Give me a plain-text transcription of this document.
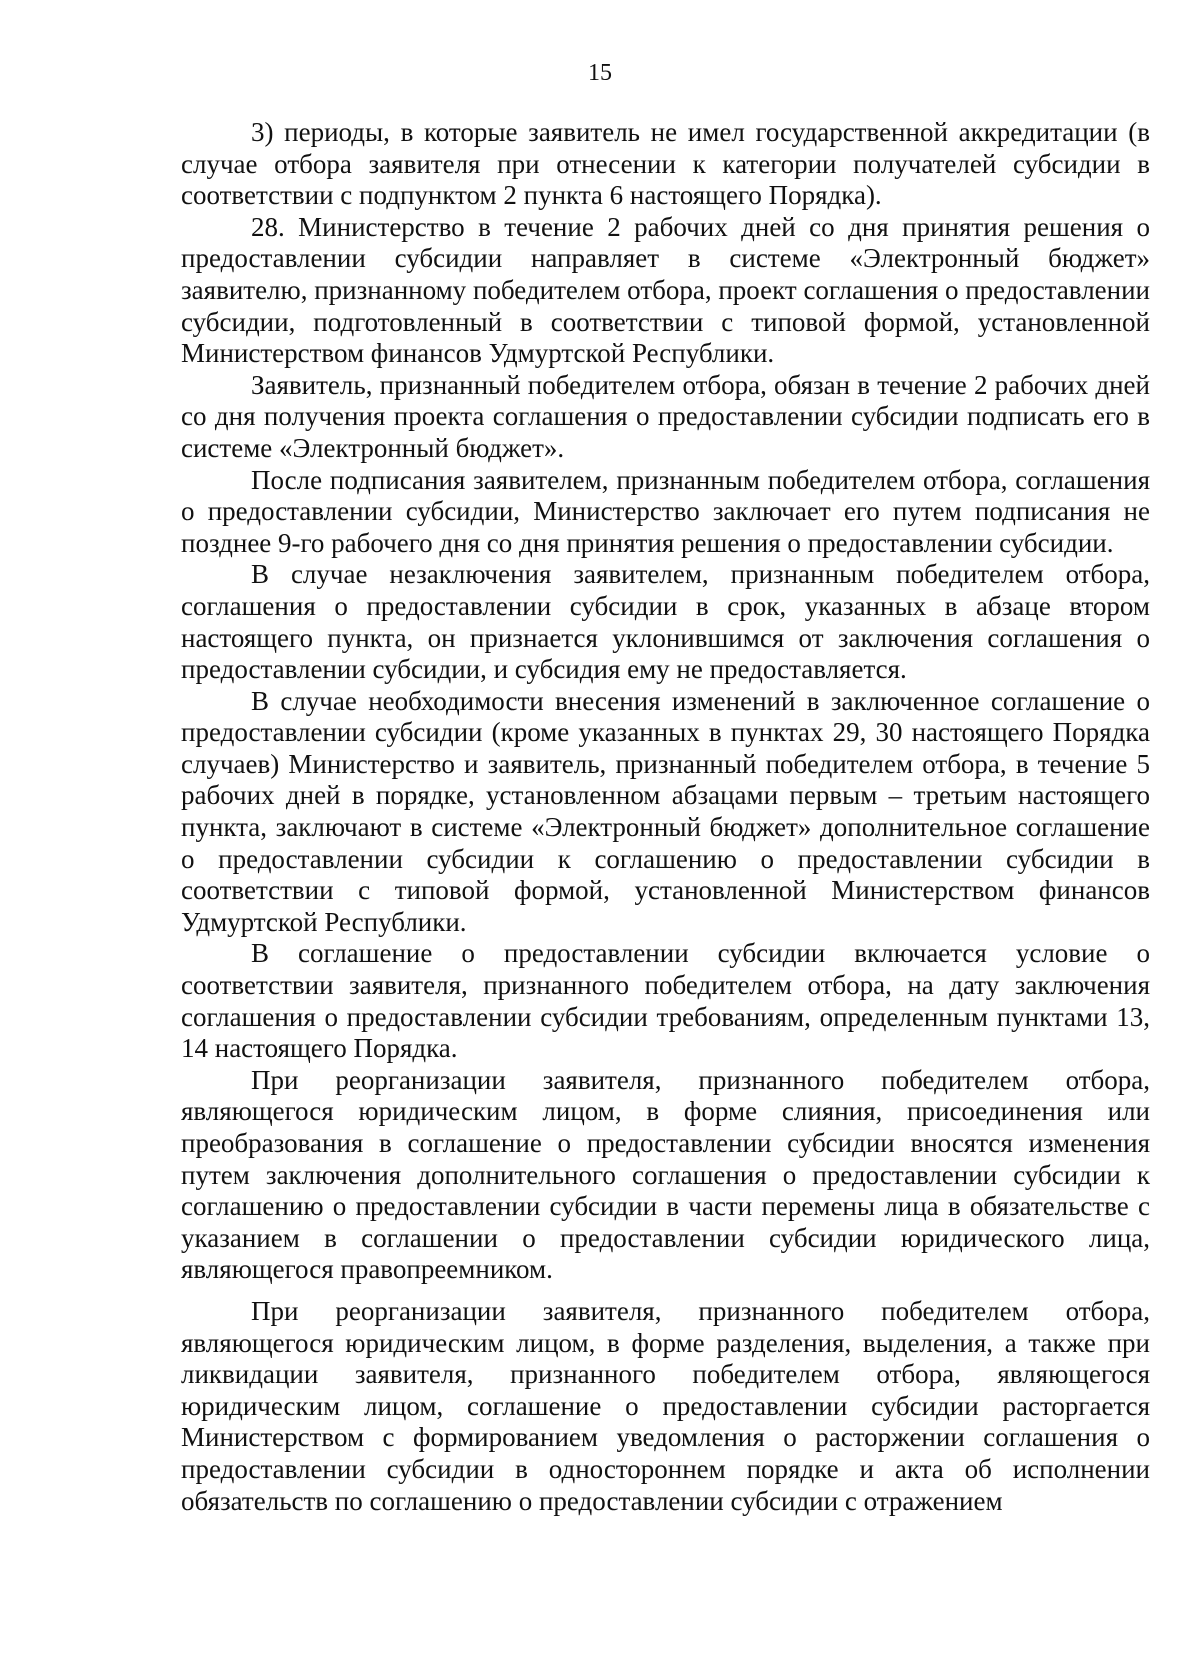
15

3) периоды, в которые заявитель не имел государственной аккредитации (в случае отбора заявителя при отнесении к категории получателей субсидии в соответствии с подпунктом 2 пункта 6 настоящего Порядка).

28. Министерство в течение 2 рабочих дней со дня принятия решения о предоставлении субсидии направляет в системе «Электронный бюджет» заявителю, признанному победителем отбора, проект соглашения о предоставлении субсидии, подготовленный в соответствии с типовой формой, установленной Министерством финансов Удмуртской Республики.

Заявитель, признанный победителем отбора, обязан в течение 2 рабочих дней со дня получения проекта соглашения о предоставлении субсидии подписать его в системе «Электронный бюджет».

После подписания заявителем, признанным победителем отбора, соглашения о предоставлении субсидии, Министерство заключает его путем подписания не позднее 9-го рабочего дня со дня принятия решения о предоставлении субсидии.

В случае незаключения заявителем, признанным победителем отбора, соглашения о предоставлении субсидии в срок, указанных в абзаце втором настоящего пункта, он признается уклонившимся от заключения соглашения о предоставлении субсидии, и субсидия ему не предоставляется.

В случае необходимости внесения изменений в заключенное соглашение о предоставлении субсидии (кроме указанных в пунктах 29, 30 настоящего Порядка случаев) Министерство и заявитель, признанный победителем отбора, в течение 5 рабочих дней в порядке, установленном абзацами первым – третьим настоящего пункта, заключают в системе «Электронный бюджет» дополнительное соглашение о предоставлении субсидии к соглашению о предоставлении субсидии в соответствии с типовой формой, установленной Министерством финансов Удмуртской Республики.

В соглашение о предоставлении субсидии включается условие о соответствии заявителя, признанного победителем отбора, на дату заключения соглашения о предоставлении субсидии требованиям, определенным пунктами 13, 14 настоящего Порядка.

При реорганизации заявителя, признанного победителем отбора, являющегося юридическим лицом, в форме слияния, присоединения или преобразования в соглашение о предоставлении субсидии вносятся изменения путем заключения дополнительного соглашения о предоставлении субсидии к соглашению о предоставлении субсидии в части перемены лица в обязательстве с указанием в соглашении о предоставлении субсидии юридического лица, являющегося правопреемником.

При реорганизации заявителя, признанного победителем отбора, являющегося юридическим лицом, в форме разделения, выделения, а также при ликвидации заявителя, признанного победителем отбора, являющегося юридическим лицом, соглашение о предоставлении субсидии расторгается Министерством с формированием уведомления о расторжении соглашения о предоставлении субсидии в одностороннем порядке и акта об исполнении обязательств по соглашению о предоставлении субсидии с отражением
